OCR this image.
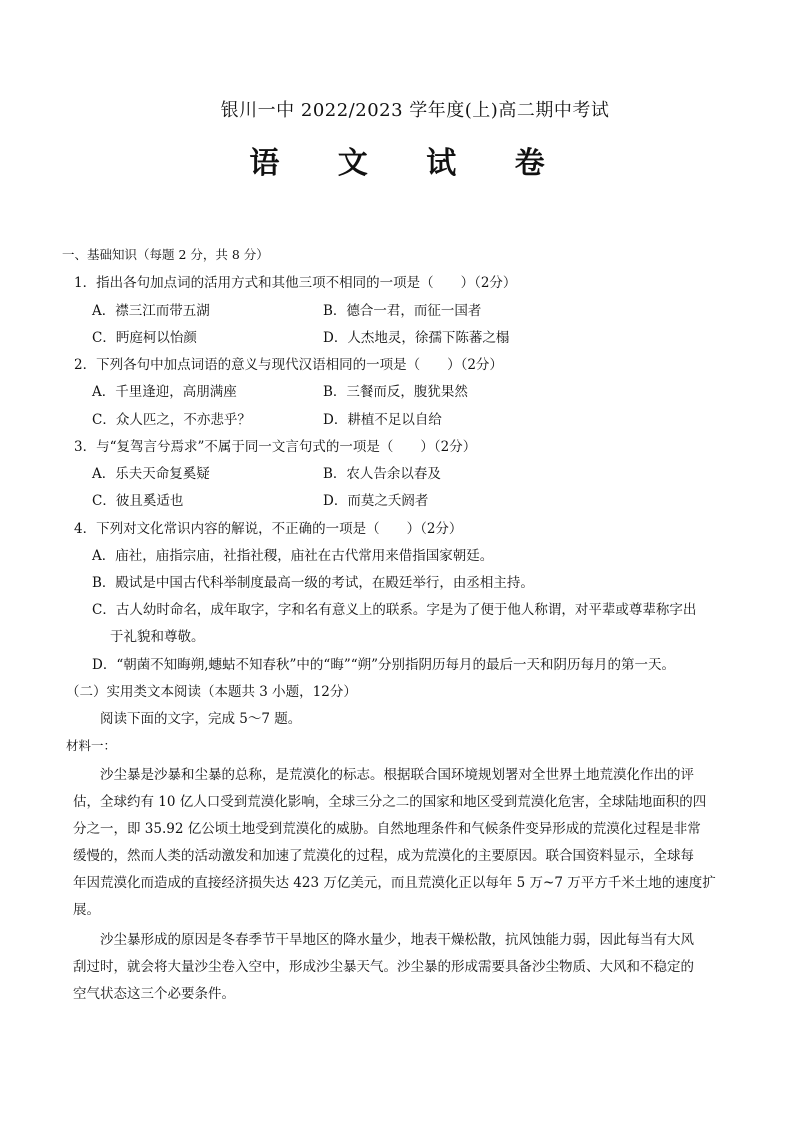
银川一中 2022/2023 学年度(上)高二期中考试
语 文 试 卷
一、基础知识（每题 2 分，共 8 分）
1．指出各句加点词的活用方式和其他三项不相同的一项是（　　）（2分）
A．襟三江而带五湖	B．德合一君，而征一国者
C．眄庭柯以怡颜	D．人杰地灵，徐孺下陈蕃之榻
2．下列各句中加点词语的意义与现代汉语相同的一项是（　　）（2分）
A．千里逢迎，高朋满座	B．三餐而反，腹犹果然
C．众人匹之，不亦悲乎？	D．耕植不足以自给
3．与“复驾言兮焉求”不属于同一文言句式的一项是（　　）（2分）
A．乐夫天命复奚疑	B．农人告余以春及
C．彼且奚适也	D．而莫之夭阏者
4．下列对文化常识内容的解说，不正确的一项是（　　）（2分）
A．庙社，庙指宗庙，社指社稷，庙社在古代常用来借指国家朝廷。
B．殿试是中国古代科举制度最高一级的考试，在殿廷举行，由丞相主持。
C．古人幼时命名，成年取字，字和名有意义上的联系。字是为了便于他人称谓，对平辈或尊辈称字出
于礼貌和尊敬。
D．“朝菌不知晦朔,蟪蛄不知春秋”中的“晦”“朔”分别指阴历每月的最后一天和阴历每月的第一天。
（二）实用类文本阅读（本题共 3 小题，12分）
阅读下面的文字，完成 5～7 题。
材料一：
沙尘暴是沙暴和尘暴的总称，是荒漠化的标志。根据联合国环境规划署对全世界土地荒漠化作出的评
估，全球约有 10 亿人口受到荒漠化影响，全球三分之二的国家和地区受到荒漠化危害，全球陆地面积的四
分之一，即 35.92 亿公顷土地受到荒漠化的威胁。自然地理条件和气候条件变异形成的荒漠化过程是非常
缓慢的，然而人类的活动激发和加速了荒漠化的过程，成为荒漠化的主要原因。联合国资料显示，全球每
年因荒漠化而造成的直接经济损失达 423 万亿美元，而且荒漠化正以每年 5 万~7 万平方千米土地的速度扩
展。
沙尘暴形成的原因是冬春季节干旱地区的降水量少，地表干燥松散，抗风蚀能力弱，因此每当有大风
刮过时，就会将大量沙尘卷入空中，形成沙尘暴天气。沙尘暴的形成需要具备沙尘物质、大风和不稳定的
空气状态这三个必要条件。
